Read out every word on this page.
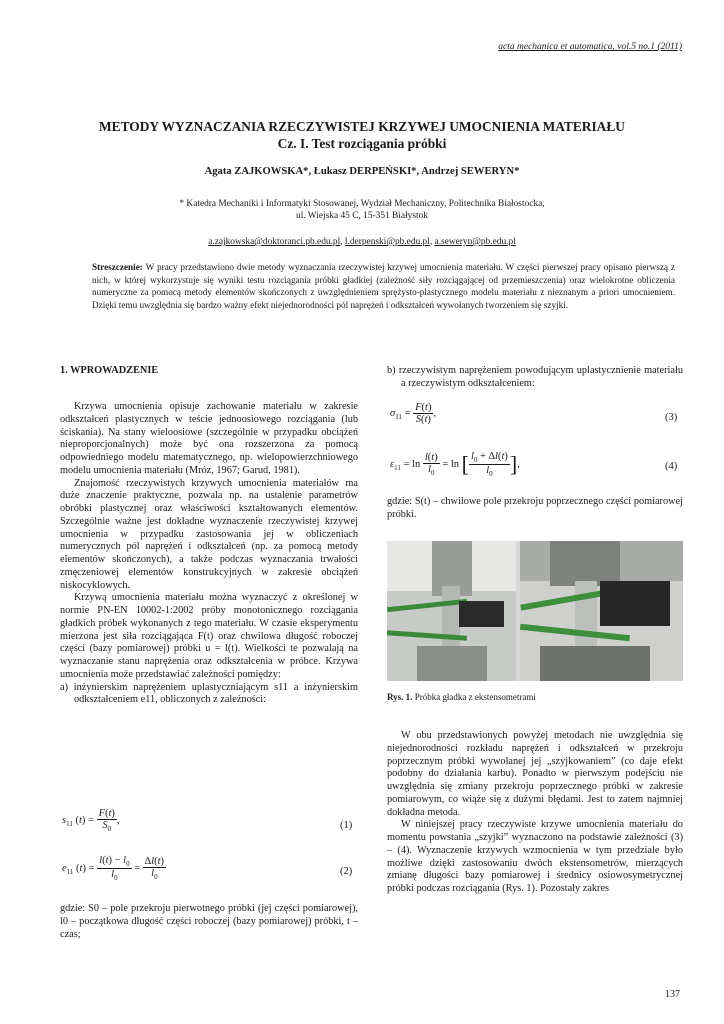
acta mechanica et automatica, vol.5 no.1 (2011)
METODY WYZNACZANIA RZECZYWISTEJ KRZYWEJ UMOCNIENIA MATERIAŁU
Cz. I. Test rozciągania próbki
Agata ZAJKOWSKA*, Łukasz DERPEŃSKI*, Andrzej SEWERYN*
* Katedra Mechaniki i Informatyki Stosowanej, Wydział Mechaniczny, Politechnika Białostocka,
ul. Wiejska 45 C, 15-351 Białystok
a.zajkowska@doktoranci.pb.edu.pl, l.derpenski@pb.edu.pl, a.seweryn@pb.edu.pl
Streszczenie: W pracy przedstawiono dwie metody wyznaczania rzeczywistej krzywej umocnienia materiału. W części pierwszej pracy opisano pierwszą z nich, w której wykorzystuje się wyniki testu rozciągania próbki gładkiej (zależność siły rozciągającej od przemieszczenia) oraz wielokrotne obliczenia numeryczne za pomocą metody elementów skończonych z uwzględnieniem sprężysto-plastycznego modelu materiału z nieznanym a priori umocnieniem. Dzięki temu uwzględnia się bardzo ważny efekt niejednorodności pól naprężeń i odkształceń wywołanych tworzeniem się szyjki.
1. WPROWADZENIE

Krzywa umocnienia opisuje zachowanie materiału w zakresie odkształceń plastycznych w teście jednoosiowego rozciągania (lub ściskania). Na stany wieloosiowe (szczególnie w przypadku obciążeń nieproporcjonalnych) może być ona rozszerzona za pomocą odpowiedniego modelu matematycznego, np. wielopowierzchniowego modelu umocnienia materiału (Mróz, 1967; Garud, 1981).

Znajomość rzeczywistych krzywych umocnienia materiałów ma duże znaczenie praktyczne, pozwala np. na ustalenie parametrów obróbki plastycznej oraz właściwości kształtowanych elementów. Szczególnie ważne jest dokładne wyznaczenie rzeczywistej krzywej umocnienia w przypadku zastosowania jej w obliczeniach numerycznych pól naprężeń i odkształceń (np. za pomocą metody elementów skończonych), a także podczas wyznaczania trwałości zmęczeniowej elementów konstrukcyjnych w zakresie obciążeń niskocyklowych.

Krzywą umocnienia materiału można wyznaczyć z określonej w normie PN-EN 10002-1:2002 próby monotonicznego rozciągania gładkich próbek wykonanych z tego materiału. W czasie eksperymentu mierzona jest siła rozciągająca F(t) oraz chwilowa długość roboczej części (bazy pomiarowej) próbki u = l(t). Wielkości te pozwalają na wyznaczanie stanu naprężenia oraz odkształcenia w próbce. Krzywa umocnienia może przedstawiać zależności pomiędzy:

a) inżynierskim naprężeniem uplastyczniającym s11 a inżynierskim odkształceniem e11, obliczonych z zależności:

$s_{11}$ $(t) = \frac{F(t)}{S_0}$ ,	(1)
$e_{11}$ $(t) = \frac{l(t) - l_0}{l_0} = \frac{\Delta l(t)}{l_0}$	(2)

gdzie: S0 – pole przekroju pierwotnego próbki (jej części pomiarowej), l0 – początkowa długość części roboczej (bazy pomiarowej) próbki, t – czas;

b) rzeczywistym naprężeniem powodującym uplastycznienie materiału a rzeczywistym odkształceniem:

$\sigma_{11} = \frac{F(t)}{S(t)}$ ,	(3)
$\varepsilon_{11} = \ln \frac{l(t)}{l_0} = \ln$ [ $\frac{l_0 + \Delta l(t)}{l_0}$ ],	(4)

gdzie: S(t) – chwilowe pole przekroju poprzecznego części pomiarowej próbki.

Rys. 1. Próbka gładka z ekstensometrami

W obu przedstawionych powyżej metodach nie uwzględnia się niejednorodności rozkładu naprężeń i odkształceń w przekroju poprzecznym próbki wywołanej jej „szyjkowaniem” (co daje efekt podobny do działania karbu). Ponadto w pierwszym podejściu nie uwzględnia się zmiany przekroju poprzecznego próbki w zakresie pomiarowym, co wiąże się z dużymi błędami. Jest to zatem najmniej dokładna metoda.

W niniejszej pracy rzeczywiste krzywe umocnienia materiału do momentu powstania „szyjki” wyznaczono na podstawie zależności (3) – (4). Wyznaczenie krzywych wzmocnienia w tym przedziale było możliwe dzięki zastosowaniu dwóch ekstensometrów, mierzących zmianę długości bazy pomiarowej i średnicy osiowosymetrycznej próbki podczas rozciągania (Rys. 1). Pozostały zakres

137
